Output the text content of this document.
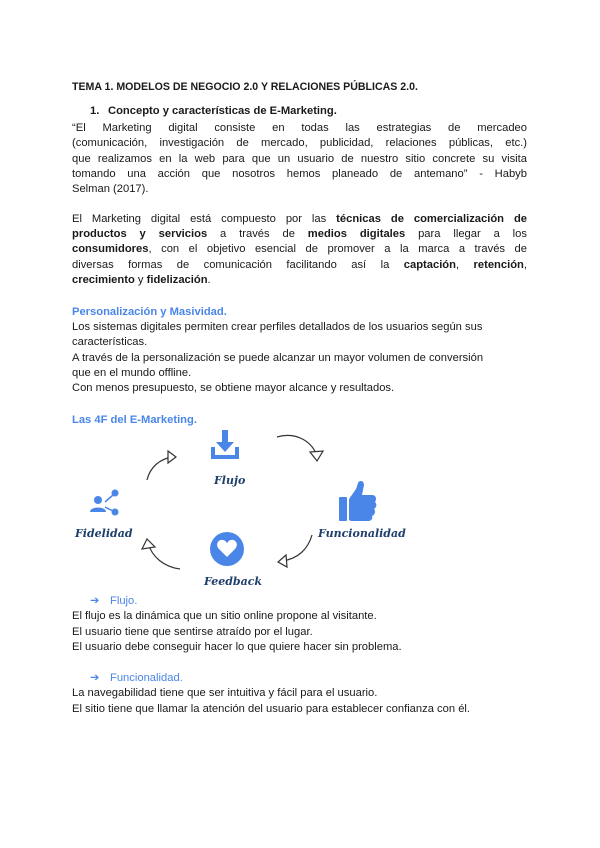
TEMA 1. MODELOS DE NEGOCIO 2.0 Y RELACIONES PÚBLICAS 2.0.
1. Concepto y características de E-Marketing.
“El Marketing digital consiste en todas las estrategias de mercadeo
(comunicación, investigación de mercado, publicidad, relaciones públicas, etc.)
que realizamos en la web para que un usuario de nuestro sitio concrete su visita
tomando una acción que nosotros hemos planeado de antemano” - Habyb
Selman (2017).
El Marketing digital está compuesto por las técnicas de comercialización de
productos y servicios a través de medios digitales para llegar a los
consumidores, con el objetivo esencial de promover a la marca a través de
diversas formas de comunicación facilitando así la captación, retención,
crecimiento y fidelización.
Personalización y Masividad.
Los sistemas digitales permiten crear perfiles detallados de los usuarios según sus
características.
A través de la personalización se puede alcanzar un mayor volumen de conversión
que en el mundo offline.
Con menos presupuesto, se obtiene mayor alcance y resultados.
Las 4F del E-Marketing.
Flujo
Funcionalidad
Feedback
Fidelidad
➔ Flujo.
El flujo es la dinámica que un sitio online propone al visitante.
El usuario tiene que sentirse atraído por el lugar.
El usuario debe conseguir hacer lo que quiere hacer sin problema.
➔ Funcionalidad.
La navegabilidad tiene que ser intuitiva y fácil para el usuario.
El sitio tiene que llamar la atención del usuario para establecer confianza con él.
